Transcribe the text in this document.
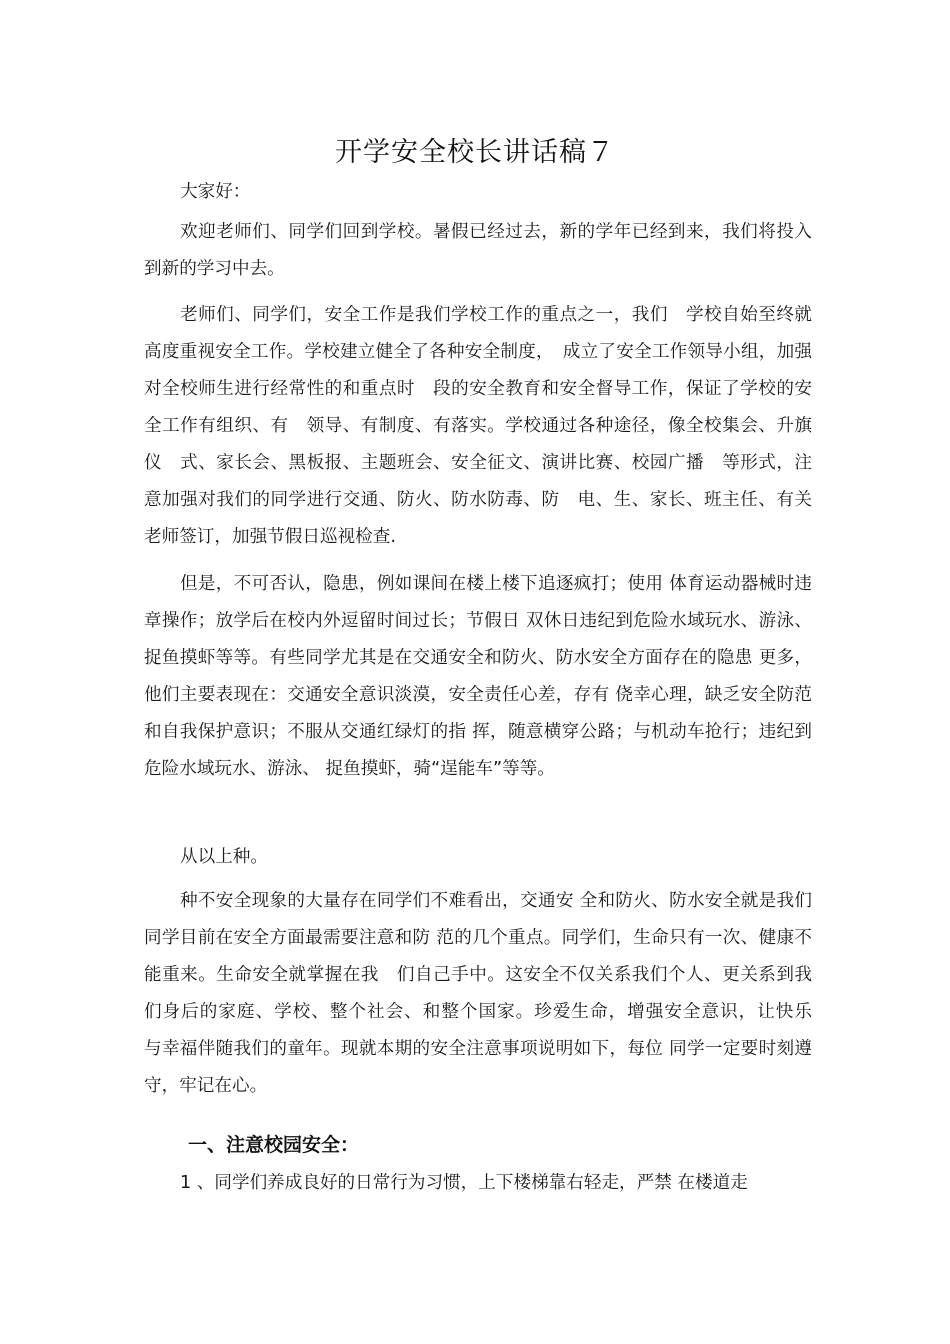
开学安全校长讲话稿７
大家好：
欢迎老师们、同学们回到学校。暑假已经过去，新的学年已经到来，我们将投入到新的学习中去。
老师们、同学们，安全工作是我们学校工作的重点之一，我们　学校自始至终就高度重视安全工作。学校建立健全了各种安全制度，　成立了安全工作领导小组，加强对全校师生进行经常性的和重点时　段的安全教育和安全督导工作，保证了学校的安全工作有组织、有　领导、有制度、有落实。学校通过各种途径，像全校集会、升旗仪　式、家长会、黑板报、主题班会、安全征文、演讲比赛、校园广播　等形式，注意加强对我们的同学进行交通、防火、防水防毒、防　电、生、家长、班主任、有关老师签订，加强节假日巡视检查.
但是，不可否认，隐患，例如课间在楼上楼下追逐疯打；使用 体育运动器械时违章操作；放学后在校内外逗留时间过长；节假日 双休日违纪到危险水域玩水、游泳、捉鱼摸虾等等。有些同学尤其是在交通安全和防火、防水安全方面存在的隐患 更多，他们主要表现在：交通安全意识淡漠，安全责任心差，存有 侥幸心理，缺乏安全防范和自我保护意识；不服从交通红绿灯的指 挥，随意横穿公路；与机动车抢行；违纪到危险水域玩水、游泳、 捉鱼摸虾，骑“逞能车”等等。
从以上种。
种不安全现象的大量存在同学们不难看出，交通安 全和防火、防水安全就是我们同学目前在安全方面最需要注意和防 范的几个重点。同学们，生命只有一次、健康不能重来。生命安全就掌握在我　们自己手中。这安全不仅关系我们个人、更关系到我们身后的家庭、学校、整个社会、和整个国家。珍爱生命，增强安全意识，让快乐　与幸福伴随我们的童年。现就本期的安全注意事项说明如下，每位 同学一定要时刻遵守，牢记在心。
一、注意校园安全：
1 、同学们养成良好的日常行为习惯，上下楼梯靠右轻走，严禁 在楼道走
